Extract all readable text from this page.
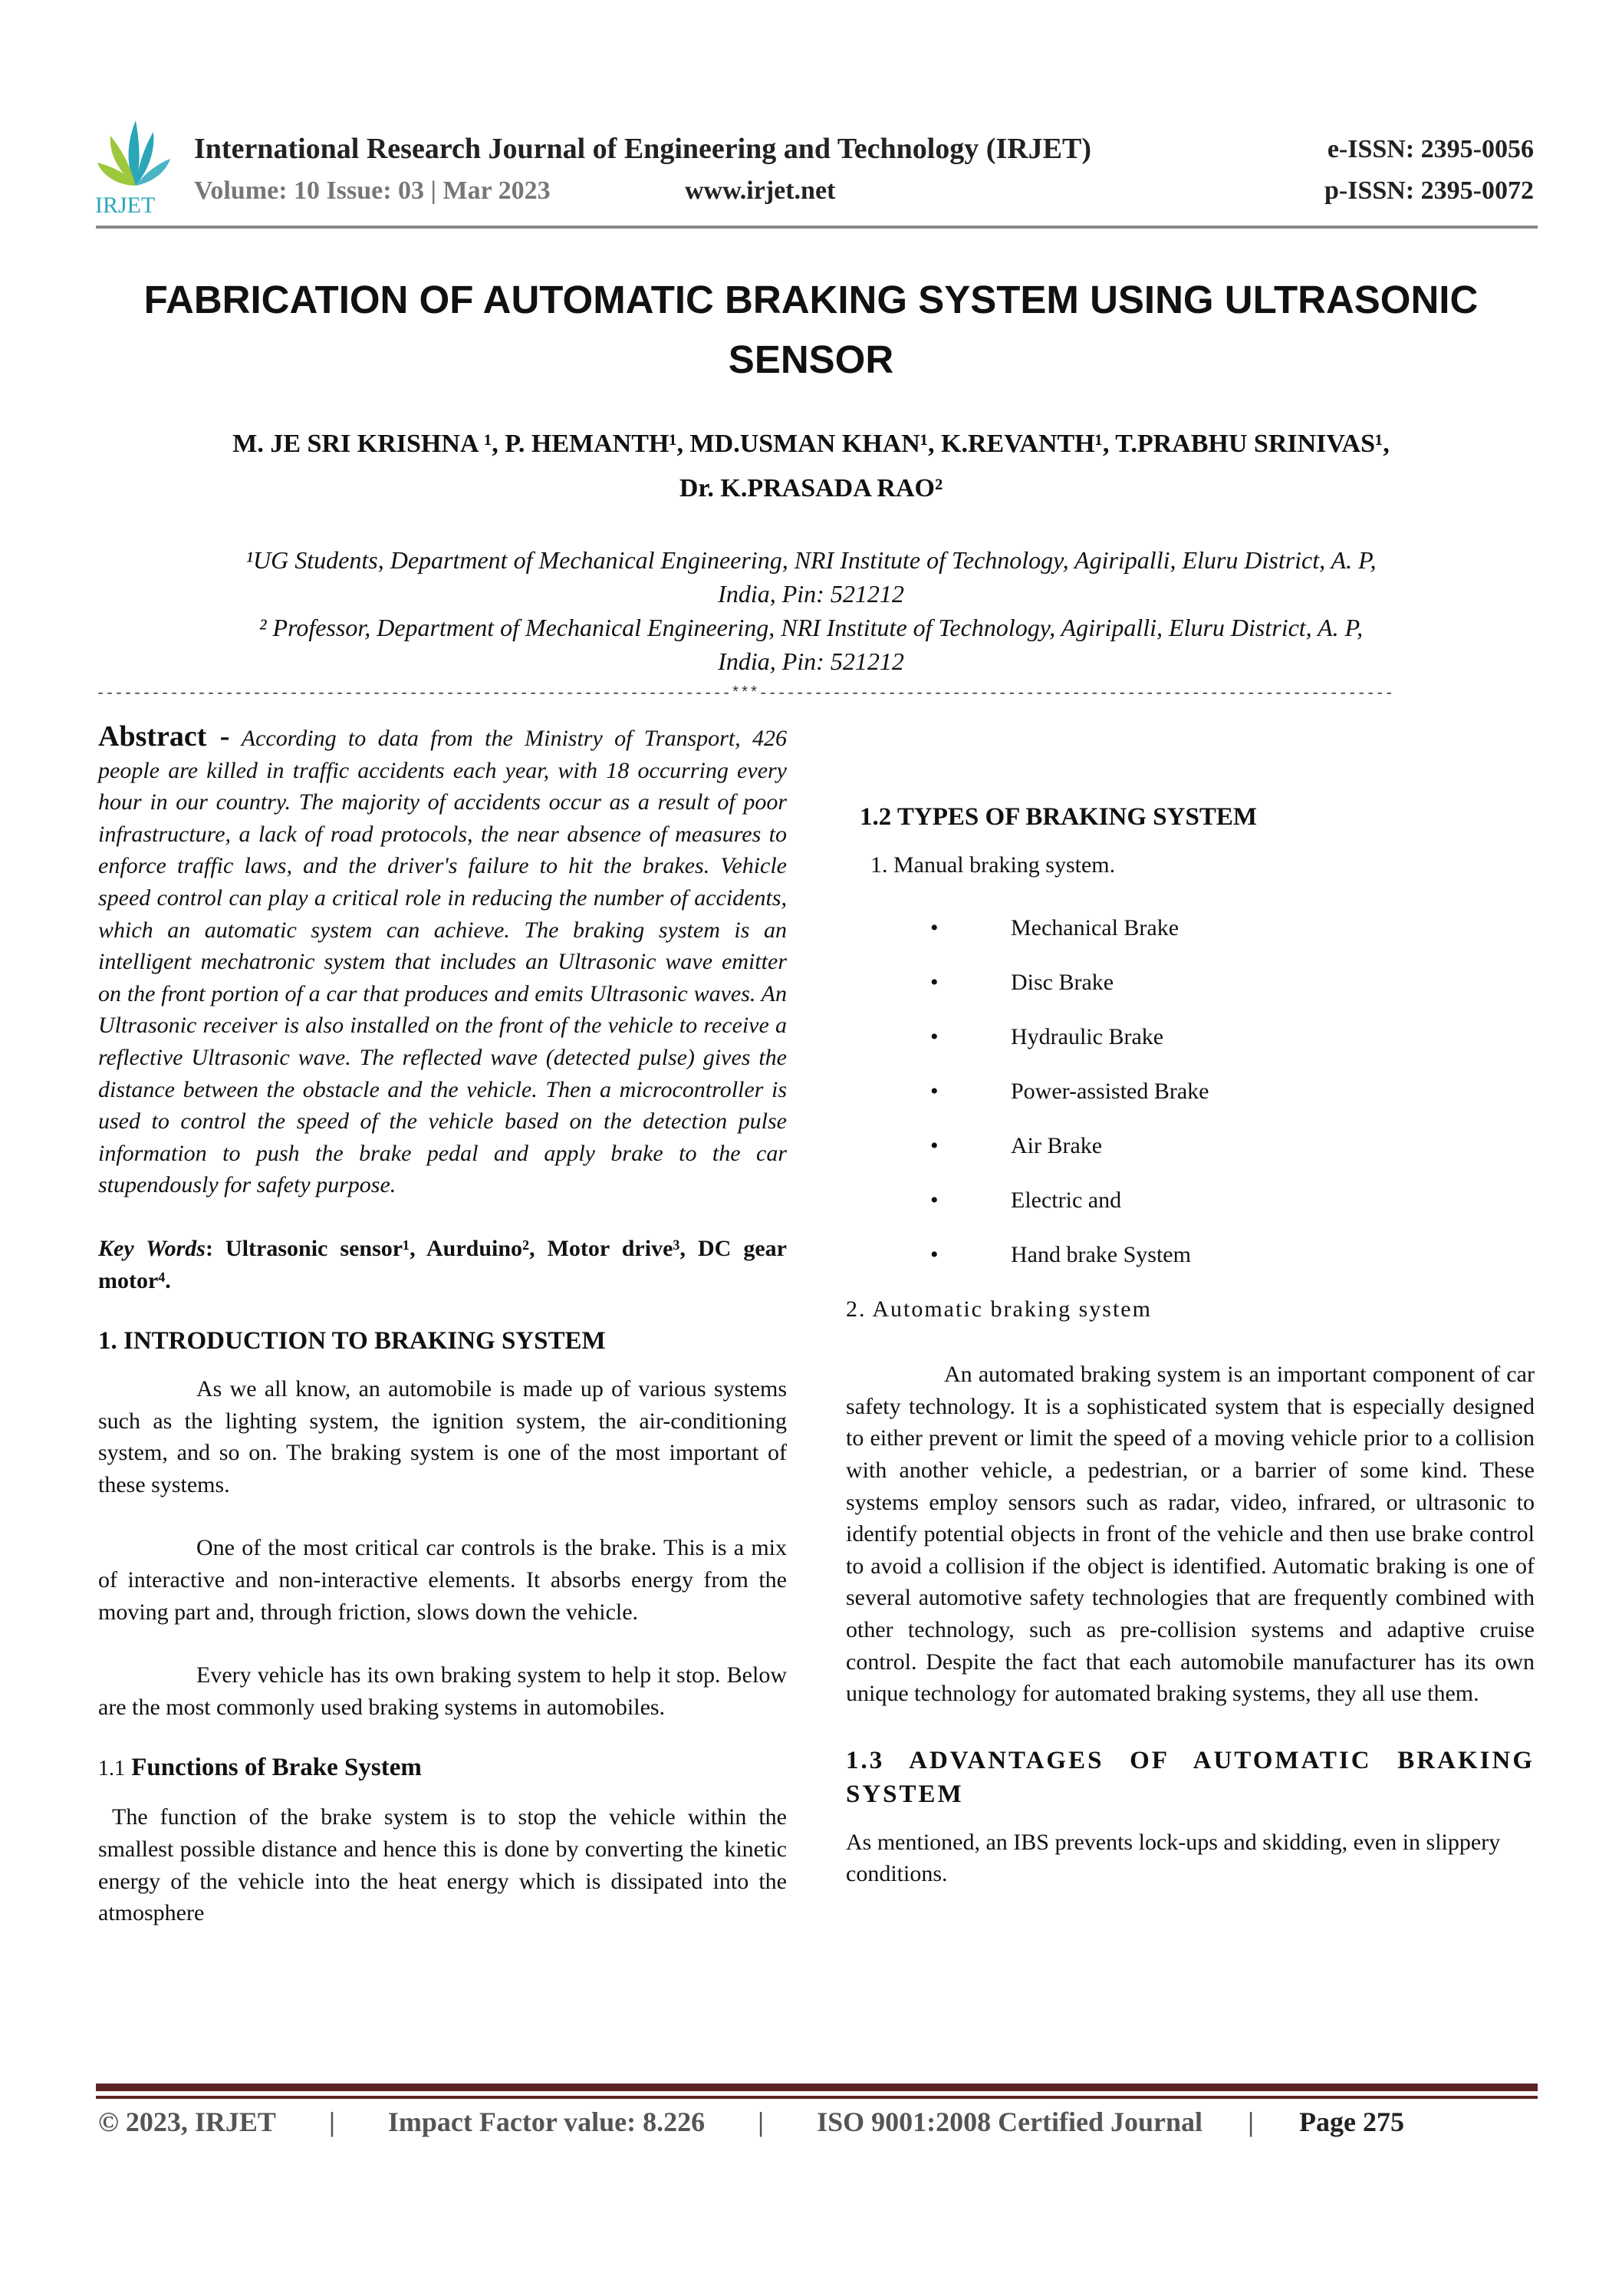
IRJET
International Research Journal of Engineering and Technology (IRJET)
Volume: 10 Issue: 03 | Mar 2023	www.irjet.net
e-ISSN: 2395-0056
p-ISSN: 2395-0072
FABRICATION OF AUTOMATIC BRAKING SYSTEM USING ULTRASONIC SENSOR
M. JE SRI KRISHNA ¹, P. HEMANTH¹, MD.USMAN KHAN¹, K.REVANTH¹, T.PRABHU SRINIVAS¹,
Dr. K.PRASADA RAO²
¹UG Students, Department of Mechanical Engineering, NRI Institute of Technology, Agiripalli, Eluru District, A. P, India, Pin: 521212
² Professor, Department of Mechanical Engineering, NRI Institute of Technology, Agiripalli, Eluru District, A. P, India, Pin: 521212
---------------------------------------------------------------------***---------------------------------------------------------------------

Abstract - According to data from the Ministry of Transport, 426 people are killed in traffic accidents each year, with 18 occurring every hour in our country. The majority of accidents occur as a result of poor infrastructure, a lack of road protocols, the near absence of measures to enforce traffic laws, and the driver's failure to hit the brakes. Vehicle speed control can play a critical role in reducing the number of accidents, which an automatic system can achieve. The braking system is an intelligent mechatronic system that includes an Ultrasonic wave emitter on the front portion of a car that produces and emits Ultrasonic waves. An Ultrasonic receiver is also installed on the front of the vehicle to receive a reflective Ultrasonic wave. The reflected wave (detected pulse) gives the distance between the obstacle and the vehicle. Then a microcontroller is used to control the speed of the vehicle based on the detection pulse information to push the brake pedal and apply brake to the car stupendously for safety purpose.

Key Words: Ultrasonic sensor¹, Aurduino², Motor drive³, DC gear motor⁴.

1. INTRODUCTION TO BRAKING SYSTEM

As we all know, an automobile is made up of various systems such as the lighting system, the ignition system, the air-conditioning system, and so on. The braking system is one of the most important of these systems.

One of the most critical car controls is the brake. This is a mix of interactive and non-interactive elements. It absorbs energy from the moving part and, through friction, slows down the vehicle.

Every vehicle has its own braking system to help it stop. Below are the most commonly used braking systems in automobiles.

1.1 Functions of Brake System

The function of the brake system is to stop the vehicle within the smallest possible distance and hence this is done by converting the kinetic energy of the vehicle into the heat energy which is dissipated into the atmosphere

1.2 TYPES OF BRAKING SYSTEM

1. Manual braking system.

•	Mechanical Brake
•	Disc Brake
•	Hydraulic Brake
•	Power-assisted Brake
•	Air Brake
•	Electric and
•	Hand brake System

2. Automatic braking system

An automated braking system is an important component of car safety technology. It is a sophisticated system that is especially designed to either prevent or limit the speed of a moving vehicle prior to a collision with another vehicle, a pedestrian, or a barrier of some kind. These systems employ sensors such as radar, video, infrared, or ultrasonic to identify potential objects in front of the vehicle and then use brake control to avoid a collision if the object is identified. Automatic braking is one of several automotive safety technologies that are frequently combined with other technology, such as pre-collision systems and adaptive cruise control. Despite the fact that each automobile manufacturer has its own unique technology for automated braking systems, they all use them.

1.3 ADVANTAGES OF AUTOMATIC BRAKING SYSTEM

As mentioned, an IBS prevents lock-ups and skidding, even in slippery conditions.

© 2023, IRJET | Impact Factor value: 8.226 | ISO 9001:2008 Certified Journal | Page 275
